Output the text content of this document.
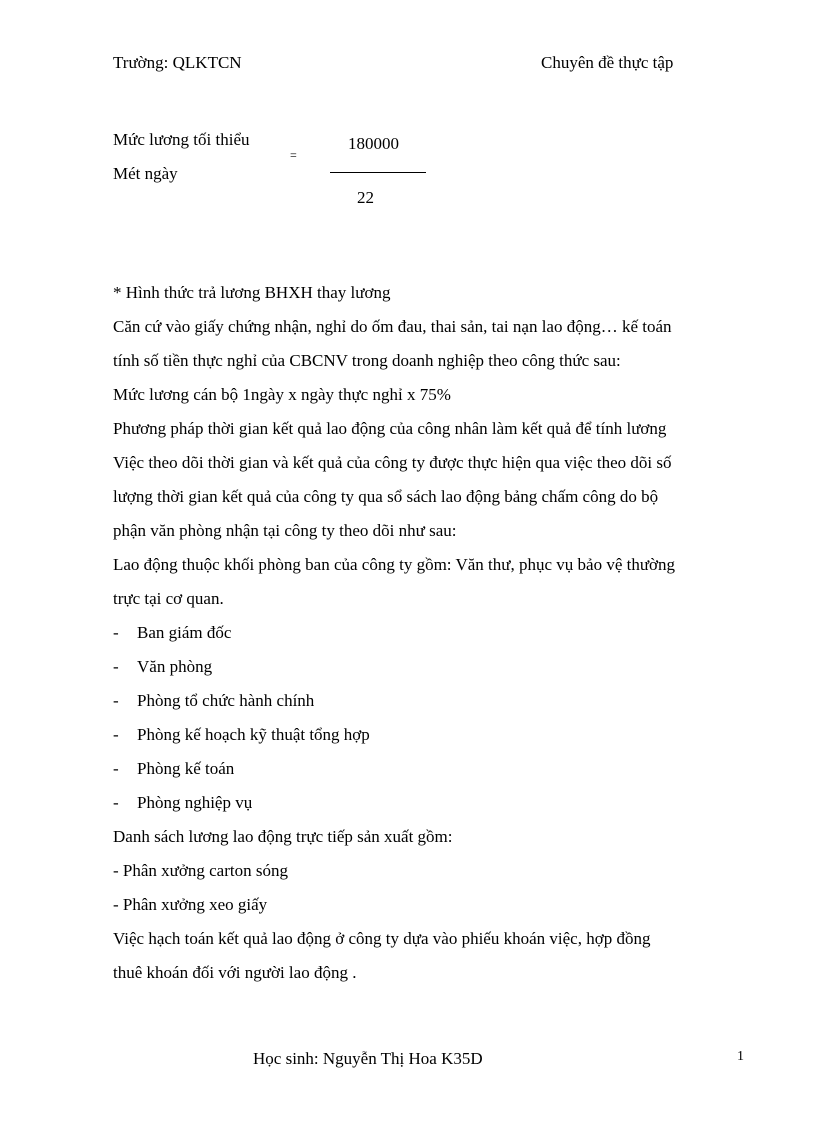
Trường: QLKTCN	Chuyên đề thực tập
Mức lương tối thiểu
Mét ngày
=
180000
22
* Hình thức trả lương BHXH thay lương
Căn cứ vào giấy chứng nhận, nghỉ do ốm đau, thai sản, tai nạn lao động… kế toán
tính số tiền thực nghỉ của CBCNV trong doanh nghiệp theo công thức sau:
Mức lương cán bộ 1ngày x ngày thực nghỉ x 75%
Phương pháp thời gian kết quả lao động của công nhân làm kết quả để tính lương
Việc theo dõi thời gian và kết quả của công ty được thực hiện qua việc theo dõi số
lượng thời gian kết quả của công ty qua sổ sách lao động bảng chấm công do bộ
phận văn phòng nhận tại công ty theo dõi như sau:
Lao động thuộc khối phòng ban của công ty gồm: Văn thư, phục vụ bảo vệ thường
trực tại cơ quan.
-	Ban giám đốc
-	Văn phòng
-	Phòng tổ chức hành chính
-	Phòng kế hoạch kỹ thuật tổng hợp
-	Phòng kế toán
-	Phòng nghiệp vụ
Danh sách lương lao động trực tiếp sản xuất gồm:
- Phân xưởng carton sóng
- Phân xưởng xeo giấy
Việc hạch toán kết quả lao động ở công ty dựa vào phiếu khoán việc, hợp đồng
thuê khoán đối với người lao động .
Học sinh: Nguyễn Thị Hoa K35D	1
